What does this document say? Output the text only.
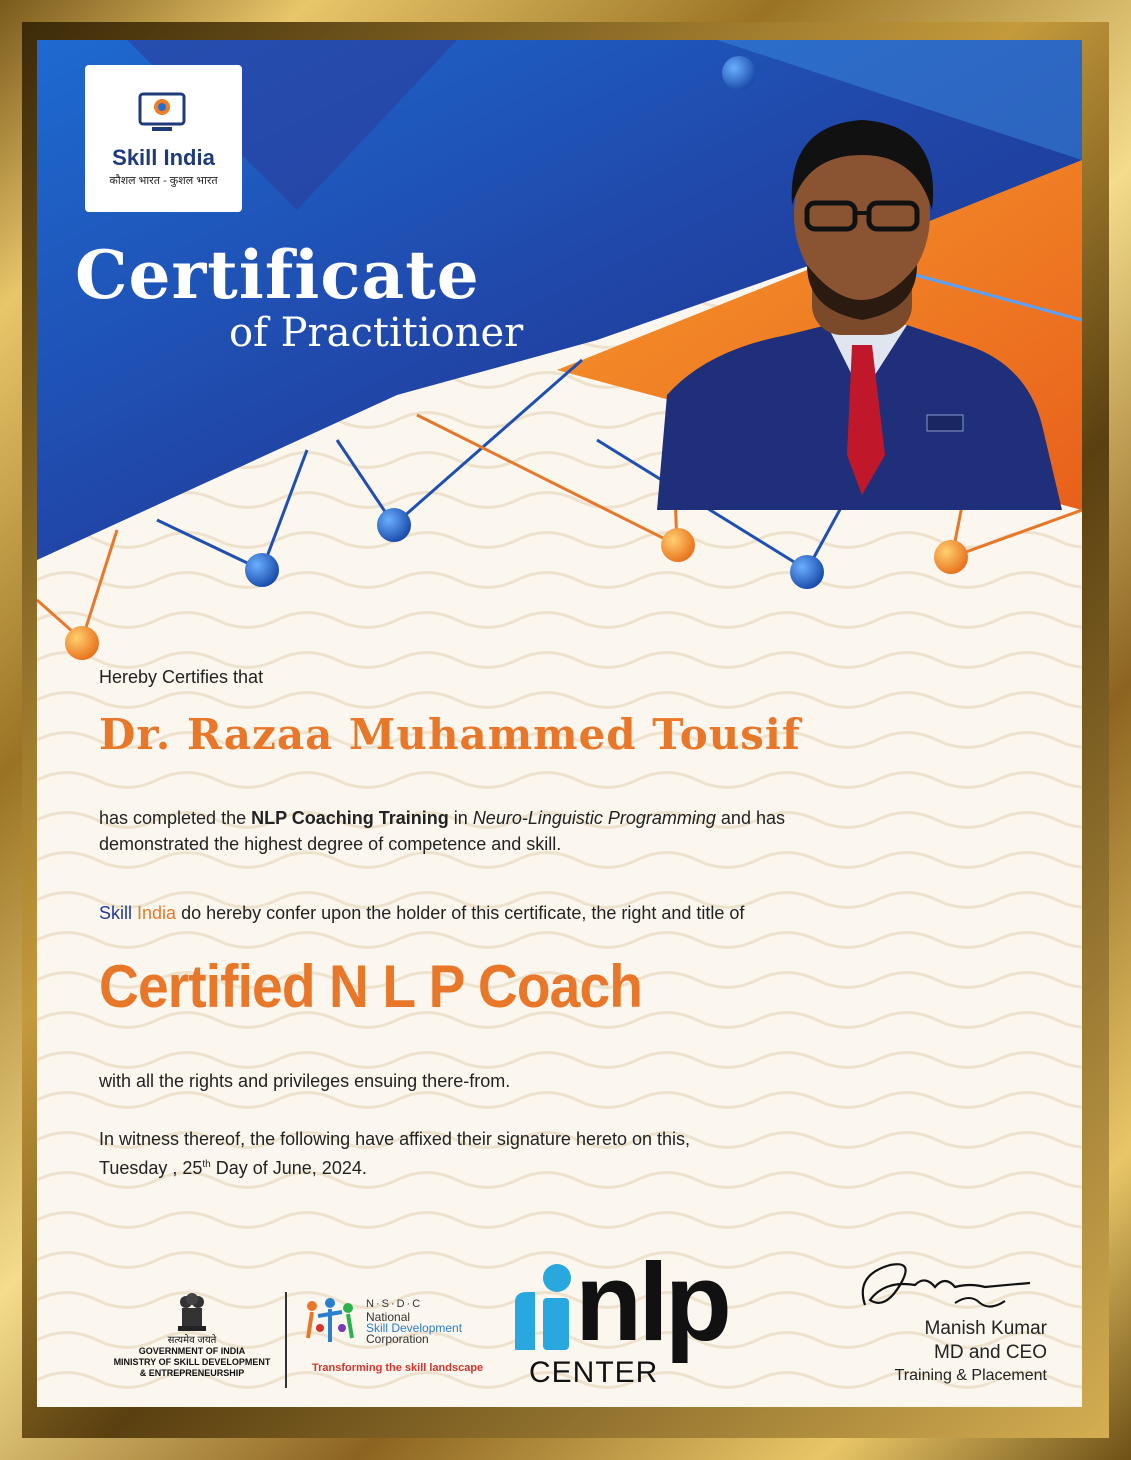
Skill India
कौशल भारत - कुशल भारत
Certificate
of Practitioner
Hereby Certifies that
Dr. Razaa Muhammed Tousif
has completed the NLP Coaching Training in Neuro-Linguistic Programming and has
demonstrated the highest degree of competence and skill.
Skill India do hereby confer upon the holder of this certificate, the right and title of
Certified N L P Coach
with all the rights and privileges ensuing there-from.
In witness thereof, the following have affixed their signature hereto on this,
Tuesday , 25th Day of June, 2024.
सत्यमेव जयते
GOVERNMENT OF INDIA
MINISTRY OF SKILL DEVELOPMENT
& ENTREPRENEURSHIP
N·S·D·C
National
Skill Development
Corporation
Transforming the skill landscape
nlp
CENTER
Manish Kumar
MD and CEO
Training & Placement
